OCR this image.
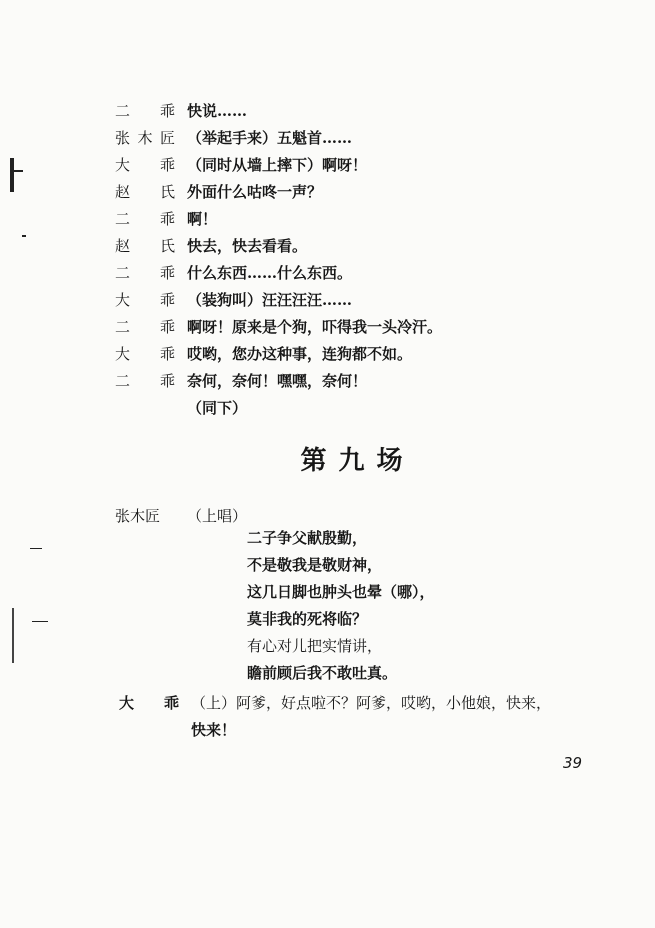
二 乖 快说……
张 木 匠 （举起手来）五魁首……
大 乖 （同时从墙上摔下）啊呀！
赵 氏 外面什么咕咚一声？
二 乖 啊！
赵 氏 快去，快去看看。
二 乖 什么东西……什么东西。
大 乖 （装狗叫）汪汪汪汪……
二 乖 啊呀！原来是个狗，吓得我一头冷汗。
大 乖 哎哟，您办这种事，连狗都不如。
二 乖 奈何，奈何！嘿嘿，奈何！
（同下）
第九场
张木匠 （上唱）
二子争父献殷勤，
不是敬我是敬财神，
这几日脚也肿头也晕（哪），
莫非我的死将临？
有心对儿把实情讲，
瞻前顾后我不敢吐真。
大 乖 （上）阿爹，好点啦不？阿爹，哎哟，小他娘，快来，
快来！
39
